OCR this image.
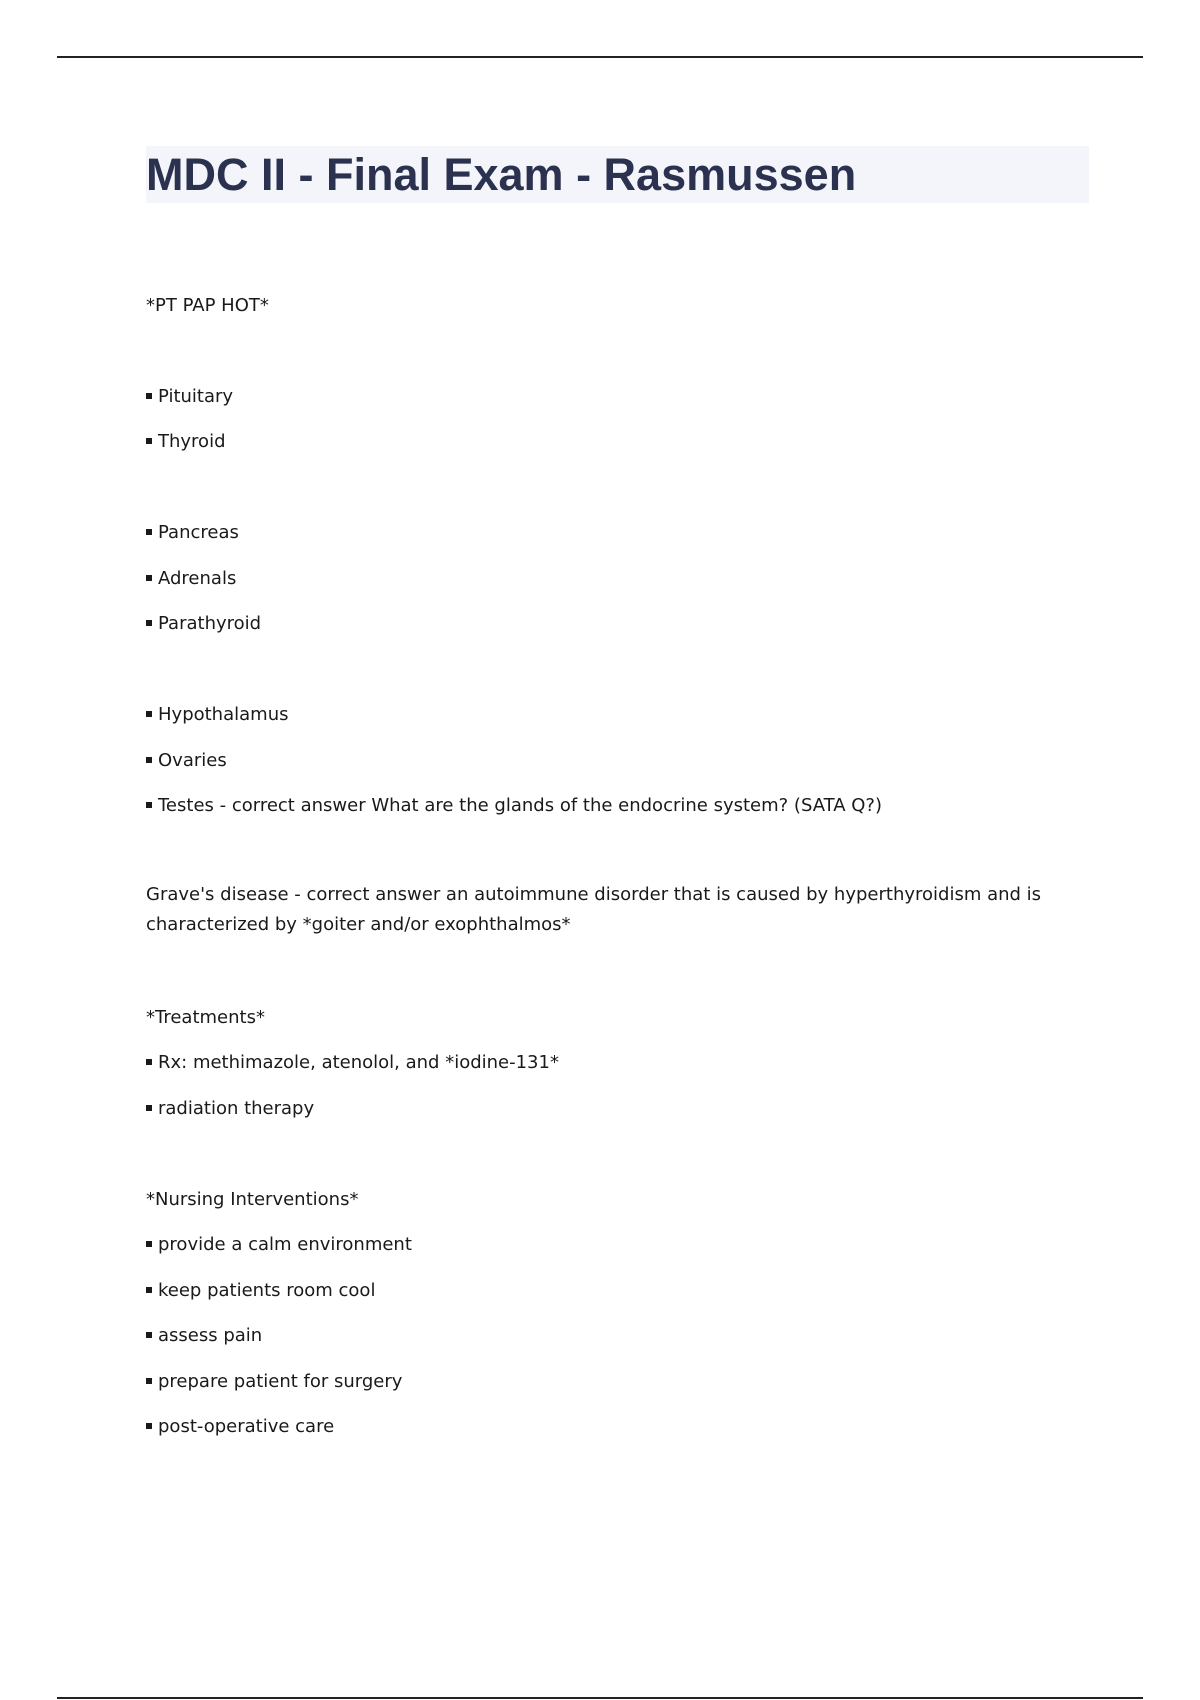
MDC II - Final Exam - Rasmussen

*PT PAP HOT*

Pituitary

Thyroid

Pancreas

Adrenals

Parathyroid

Hypothalamus

Ovaries

Testes - correct answer What are the glands of the endocrine system? (SATA Q?)

Grave's disease - correct answer an autoimmune disorder that is caused by hyperthyroidism and is characterized by *goiter and/or exophthalmos*

*Treatments*

Rx: methimazole, atenolol, and *iodine-131*

radiation therapy

*Nursing Interventions*

provide a calm environment

keep patients room cool

assess pain

prepare patient for surgery

post-operative care
